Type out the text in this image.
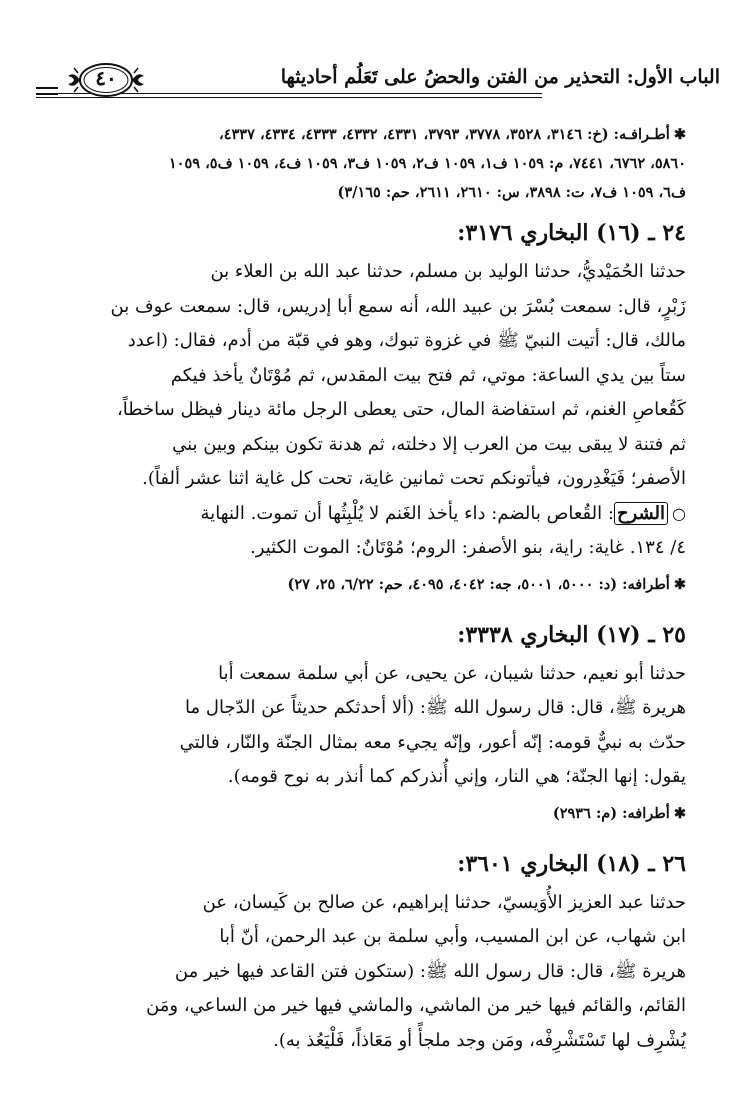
الباب الأول: التحذير من الفتن والحضُ على تَعَلُم أحاديثها
٤٠

✱أطـراف‍ـه: (خ: ٣١٤٦، ٣٥٢٨، ٣٧٧٨، ٣٧٩٣، ٤٣٣١، ٤٣٣٢، ٤٣٣٣، ٤٣٣٤، ٤٣٣٧،

٥٨٦٠، ٦٧٦٢، ٧٤٤١، م: ١٠٥٩ ف١، ١٠٥٩ ف٢، ١٠٥٩ ف٣، ١٠٥٩ ف٤، ١٠٥٩ ف٥، ١٠٥٩

ف٦، ١٠٥٩ ف٧، ت: ٣٨٩٨، س: ٢٦١٠، ٢٦١١، حم: ٣/١٦٥)

٢٤ ـ (١٦) البخاري ٣١٧٦:

حدثنا الحُمَيْديُّ، حدثنا الوليد بن مسلم، حدثنا عبد الله بن العلاء بن

زَبْرٍ، قال: سمعت بُسْرَ بن عبيد الله، أنه سمع أبا إدريس، قال: سمعت عوف بن

مالك، قال: أتيت النبيّ ﷺ في غزوة تبوك، وهو في قبّة من أدم، فقال: (اعدد

ستاً بين يدي الساعة: موتي، ثم فتح بيت المقدس، ثم مُوْتَانٌ يأخذ فيكم

كَقُعاصِ الغنم، ثم استفاضة المال، حتى يعطى الرجل مائة دينار فيظل ساخطاً،

ثم فتنة لا يبقى بيت من العرب إلا دخلته، ثم هدنة تكون بينكم وبين بني

الأصفر؛ فَيَغْدِرون، فيأتونكم تحت ثمانين غاية، تحت كل غاية اثنا عشر ألفاً).

○الشرح: القُعاص بالضم: داء يأخذ الغَنم لا يُلْبِثُها أن تموت. النهاية

٤/ ١٣٤. غاية: راية، بنو الأصفر: الروم؛ مُوْتَانٌ: الموت الكثير.

✱أطرافه: (د: ٥٠٠٠، ٥٠٠١، جه: ٤٠٤٢، ٤٠٩٥، حم: ٦/٢٢، ٢٥، ٢٧)

٢٥ ـ (١٧) البخاري ٣٣٣٨:

حدثنا أبو نعيم، حدثنا شيبان، عن يحيى، عن أبي سلمة سمعت أبا

هريرة ﷺ، قال: قال رسول الله ﷺ: (ألا أحدثكم حديثاً عن الدّجال ما

حدّث به نبيٌّ قومه: إنّه أعور، وإنّه يجيء معه بمثال الجنّة والنّار، فالتي

يقول: إنها الجنّة؛ هي النار، وإني أُنذركم كما أنذر به نوح قومه).

✱أطرافه: (م: ٢٩٣٦)

٢٦ ـ (١٨) البخاري ٣٦٠١:

حدثنا عبد العزيز الأُوَيسيّ، حدثنا إبراهيم، عن صالح بن كَيسان، عن

ابن شهاب، عن ابن المسيب، وأبي سلمة بن عبد الرحمن، أنّ أبا

هريرة ﷺ، قال: قال رسول الله ﷺ: (ستكون فتن القاعد فيها خير من

القائم، والقائم فيها خير من الماشي، والماشي فيها خير من الساعي، ومَن

يُشْرِف لها تَسْتَشْرِفْه، ومَن وجد ملجأً أو مَعَاذاً، فَلْيَعُذ به).
